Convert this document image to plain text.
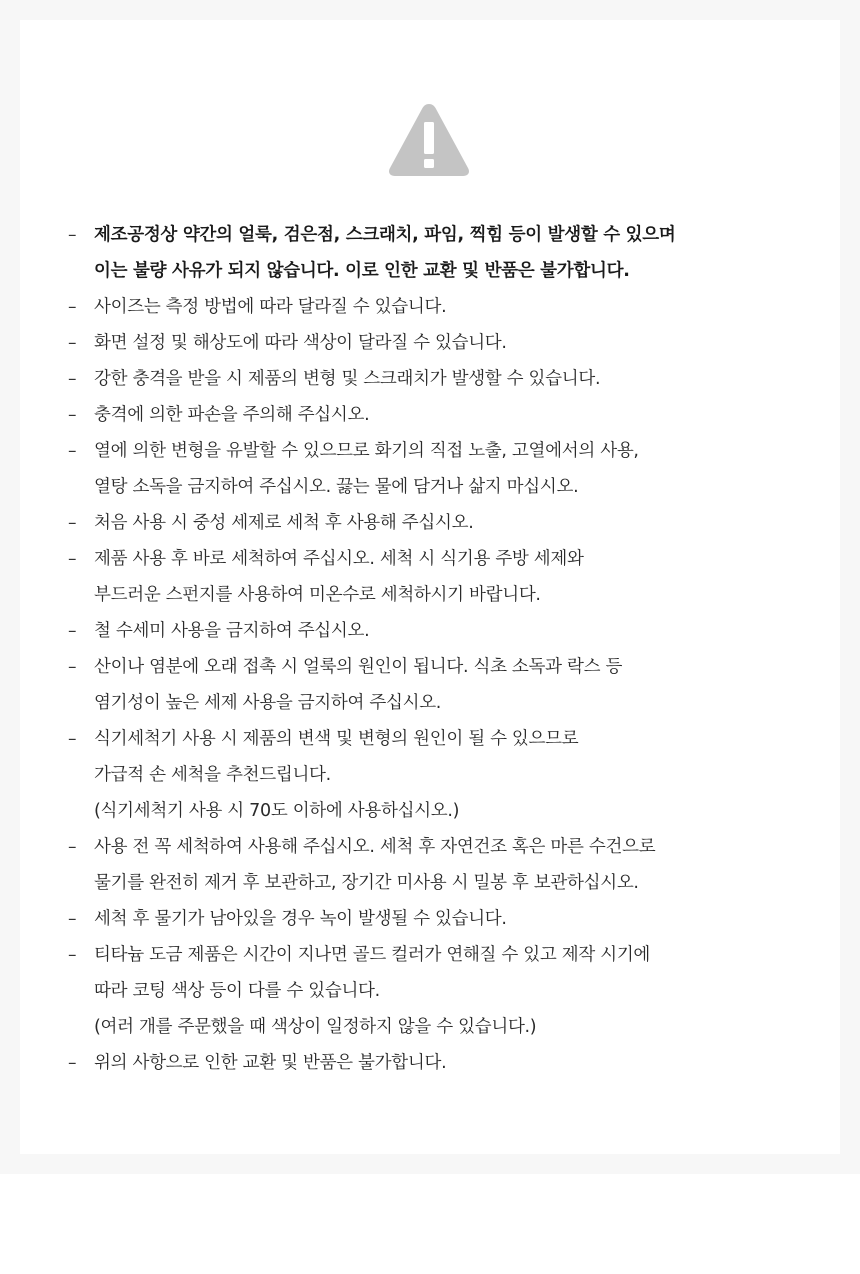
–	제조공정상 약간의 얼룩, 검은점, 스크래치, 파임, 찍힘 등이 발생할 수 있으며
이는 불량 사유가 되지 않습니다. 이로 인한 교환 및 반품은 불가합니다.
–	사이즈는 측정 방법에 따라 달라질 수 있습니다.
–	화면 설정 및 해상도에 따라 색상이 달라질 수 있습니다.
–	강한 충격을 받을 시 제품의 변형 및 스크래치가 발생할 수 있습니다.
–	충격에 의한 파손을 주의해 주십시오.
–	열에 의한 변형을 유발할 수 있으므로 화기의 직접 노출, 고열에서의 사용,
열탕 소독을 금지하여 주십시오. 끓는 물에 담거나 삶지 마십시오.
–	처음 사용 시 중성 세제로 세척 후 사용해 주십시오.
–	제품 사용 후 바로 세척하여 주십시오. 세척 시 식기용 주방 세제와
부드러운 스펀지를 사용하여 미온수로 세척하시기 바랍니다.
–	철 수세미 사용을 금지하여 주십시오.
–	산이나 염분에 오래 접촉 시 얼룩의 원인이 됩니다. 식초 소독과 락스 등
염기성이 높은 세제 사용을 금지하여 주십시오.
–	식기세척기 사용 시 제품의 변색 및 변형의 원인이 될 수 있으므로
가급적 손 세척을 추천드립니다.
(식기세척기 사용 시 70도 이하에 사용하십시오.)
–	사용 전 꼭 세척하여 사용해 주십시오. 세척 후 자연건조 혹은 마른 수건으로
물기를 완전히 제거 후 보관하고, 장기간 미사용 시 밀봉 후 보관하십시오.
–	세척 후 물기가 남아있을 경우 녹이 발생될 수 있습니다.
–	티타늄 도금 제품은 시간이 지나면 골드 컬러가 연해질 수 있고 제작 시기에
따라 코팅 색상 등이 다를 수 있습니다.
(여러 개를 주문했을 때 색상이 일정하지 않을 수 있습니다.)
–	위의 사항으로 인한 교환 및 반품은 불가합니다.
